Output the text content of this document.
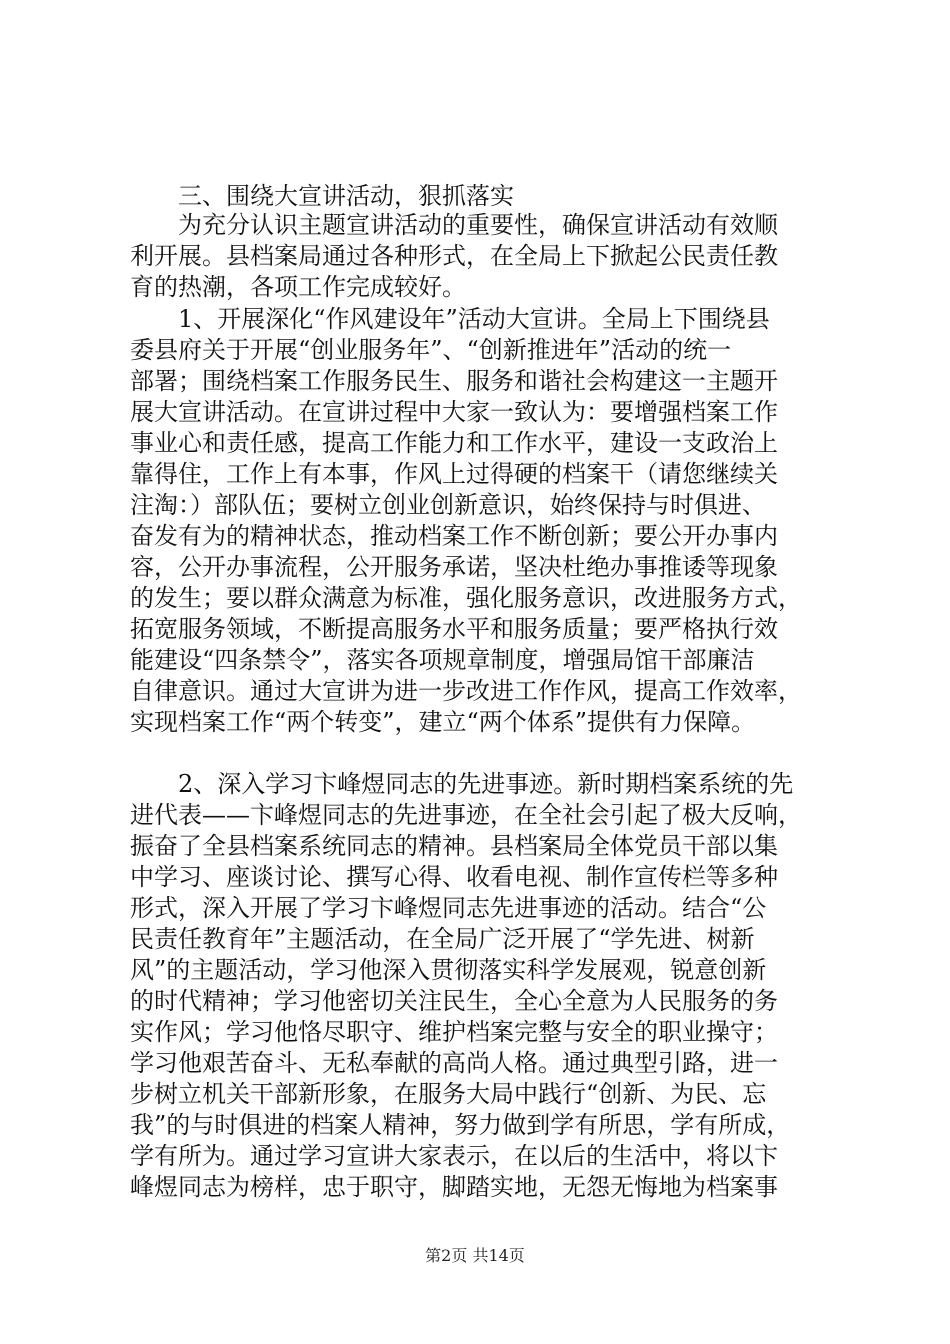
三、围绕大宣讲活动，狠抓落实
为充分认识主题宣讲活动的重要性，确保宣讲活动有效顺
利开展。县档案局通过各种形式，在全局上下掀起公民责任教
育的热潮，各项工作完成较好。
1、开展深化“作风建设年”活动大宣讲。全局上下围绕县
委县府关于开展“创业服务年”、“创新推进年”活动的统一
部署；围绕档案工作服务民生、服务和谐社会构建这一主题开
展大宣讲活动。在宣讲过程中大家一致认为：要增强档案工作
事业心和责任感，提高工作能力和工作水平，建设一支政治上
靠得住，工作上有本事，作风上过得硬的档案干（请您继续关
注淘：）部队伍；要树立创业创新意识，始终保持与时俱进、
奋发有为的精神状态，推动档案工作不断创新；要公开办事内
容，公开办事流程，公开服务承诺，坚决杜绝办事推诿等现象
的发生；要以群众满意为标准，强化服务意识，改进服务方式，
拓宽服务领域，不断提高服务水平和服务质量；要严格执行效
能建设“四条禁令”，落实各项规章制度，增强局馆干部廉洁
自律意识。通过大宣讲为进一步改进工作作风，提高工作效率，
实现档案工作“两个转变”，建立“两个体系”提供有力保障。
2、深入学习卞峰煜同志的先进事迹。新时期档案系统的先
进代表——卞峰煜同志的先进事迹，在全社会引起了极大反响，
振奋了全县档案系统同志的精神。县档案局全体党员干部以集
中学习、座谈讨论、撰写心得、收看电视、制作宣传栏等多种
形式，深入开展了学习卞峰煜同志先进事迹的活动。结合“公
民责任教育年”主题活动，在全局广泛开展了“学先进、树新
风”的主题活动，学习他深入贯彻落实科学发展观，锐意创新
的时代精神；学习他密切关注民生，全心全意为人民服务的务
实作风；学习他恪尽职守、维护档案完整与安全的职业操守；
学习他艰苦奋斗、无私奉献的高尚人格。通过典型引路，进一
步树立机关干部新形象，在服务大局中践行“创新、为民、忘
我”的与时俱进的档案人精神，努力做到学有所思，学有所成，
学有所为。通过学习宣讲大家表示，在以后的生活中，将以卞
峰煜同志为榜样，忠于职守，脚踏实地，无怨无悔地为档案事
第2页 共14页
